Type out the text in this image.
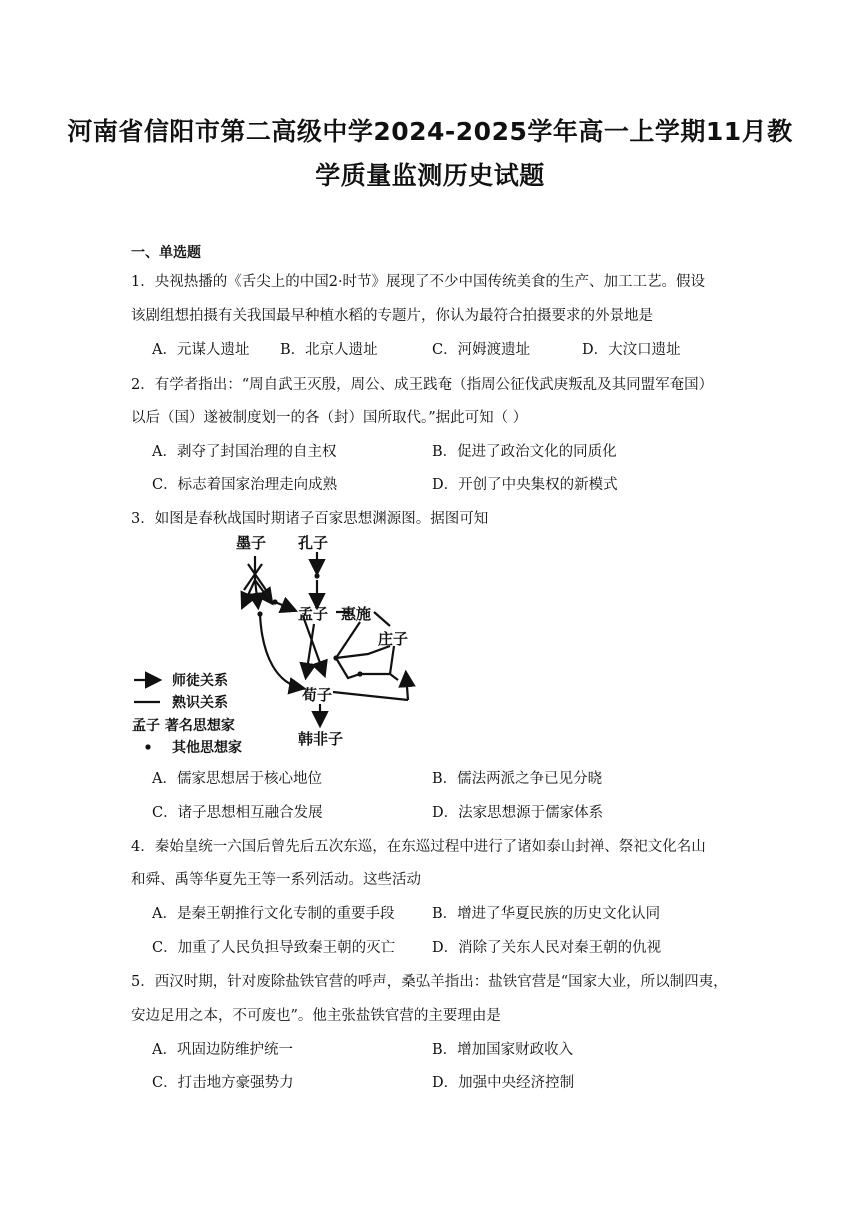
河南省信阳市第二高级中学2024-2025学年高一上学期11月教
学质量监测历史试题
一、单选题
1．央视热播的《舌尖上的中国2·时节》展现了不少中国传统美食的生产、加工工艺。假设
该剧组想拍摄有关我国最早种植水稻的专题片，你认为最符合拍摄要求的外景地是
A．元谋人遗址 B．北京人遗址	C．河姆渡遗址	D．大汶口遗址
2．有学者指出：“周自武王灭殷，周公、成王践奄（指周公征伐武庚叛乱及其同盟军奄国）
以后（国）遂被制度划一的各（封）国所取代。”据此可知（ ）
A．剥夺了封国治理的自主权	B．促进了政治文化的同质化
C．标志着国家治理走向成熟	D．开创了中央集权的新模式
3．如图是春秋战国时期诸子百家思想渊源图。据图可知
墨子 孔子
孟子 惠施
庄子
荀子
韩非子
师徒关系
熟识关系
孟子 著名思想家
其他思想家
A．儒家思想居于核心地位	B．儒法两派之争已见分晓
C．诸子思想相互融合发展	D．法家思想源于儒家体系
4．秦始皇统一六国后曾先后五次东巡，在东巡过程中进行了诸如泰山封禅、祭祀文化名山
和舜、禹等华夏先王等一系列活动。这些活动
A．是秦王朝推行文化专制的重要手段	B．增进了华夏民族的历史文化认同
C．加重了人民负担导致秦王朝的灭亡	D．消除了关东人民对秦王朝的仇视
5．西汉时期，针对废除盐铁官营的呼声，桑弘羊指出：盐铁官营是“国家大业，所以制四夷，
安边足用之本，不可废也”。他主张盐铁官营的主要理由是
A．巩固边防维护统一	B．增加国家财政收入
C．打击地方豪强势力	D．加强中央经济控制
